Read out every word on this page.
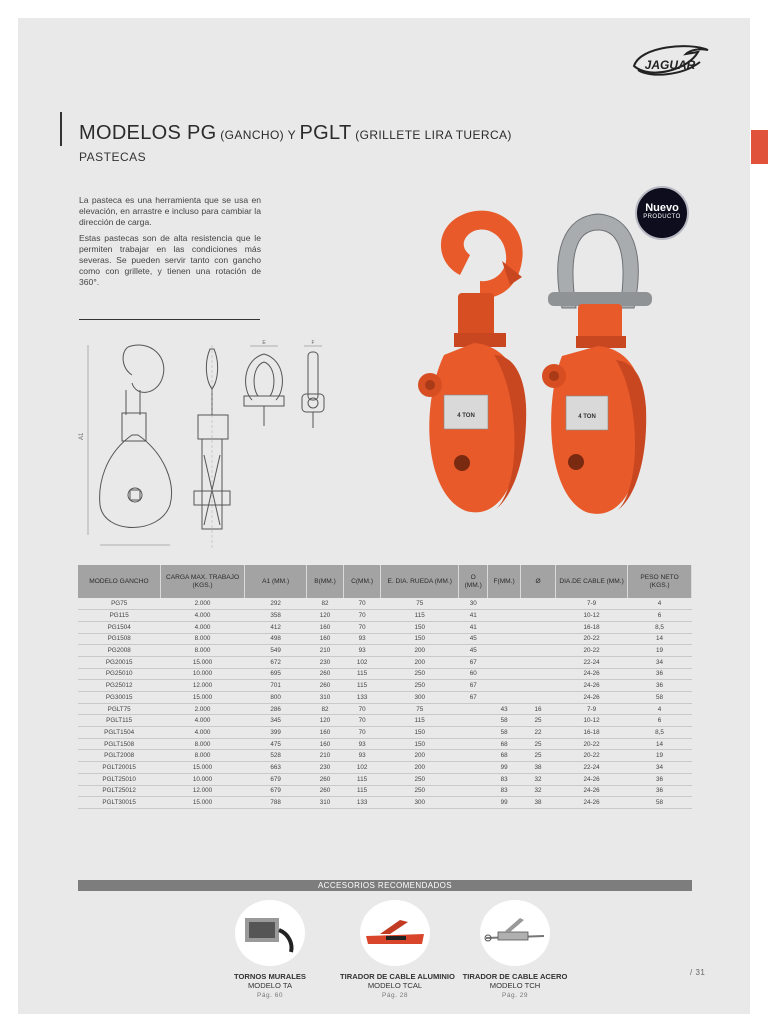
JAGUAR
MODELOS PG (GANCHO) Y PGLT (GRILLETE LIRA TUERCA)
PASTECAS

La pasteca es una herramienta que se usa en elevación, en arrastre e incluso para cambiar la dirección de carga.

Estas pastecas son de alta resistencia que le permiten trabajar en las condiciones más severas. Se pueden servir tanto con gancho como con grillete, y tienen una rotación de 360°.

A1
E	F
4 TON	4 TON
Nuevo
PRODUCTO
MODELO GANCHO	CARGA MAX. TRABAJO (KGS.)	A1 (MM.)	B(MM.)	C(MM.)	E. DIA. RUEDA (MM.)	O (MM.)	F(MM.)	Ø	DIA.DE CABLE (MM.)	PESO NETO (KGS.)
PG75	2.000	292	82	70	75	30			7-9	4
PG115	4.000	358	120	70	115	41			10-12	6
PG1504	4.000	412	160	70	150	41			16-18	8,5
PG1508	8.000	498	160	93	150	45			20-22	14
PG2008	8.000	549	210	93	200	45			20-22	19
PG20015	15.000	672	230	102	200	67			22-24	34
PG25010	10.000	695	260	115	250	60			24-26	36
PG25012	12.000	701	260	115	250	67			24-26	36
PG30015	15.000	800	310	133	300	67			24-26	58
PGLT75	2.000	286	82	70	75		43	16	7-9	4
PGLT115	4.000	345	120	70	115		58	25	10-12	6
PGLT1504	4.000	399	160	70	150		58	22	16-18	8,5
PGLT1508	8.000	475	160	93	150		68	25	20-22	14
PGLT2008	8.000	528	210	93	200		68	25	20-22	19
PGLT20015	15.000	663	230	102	200		99	38	22-24	34
PGLT25010	10.000	679	260	115	250		83	32	24-26	36
PGLT25012	12.000	679	260	115	250		83	32	24-26	36
PGLT30015	15.000	788	310	133	300		99	38	24-26	58
ACCESORIOS RECOMENDADOS
TORNOS MURALES
MODELO TA
Pág. 60
TIRADOR DE CABLE ALUMINIO
MODELO TCAL
Pág. 28
TIRADOR DE CABLE ACERO
MODELO TCH
Pág. 29
/ 31
